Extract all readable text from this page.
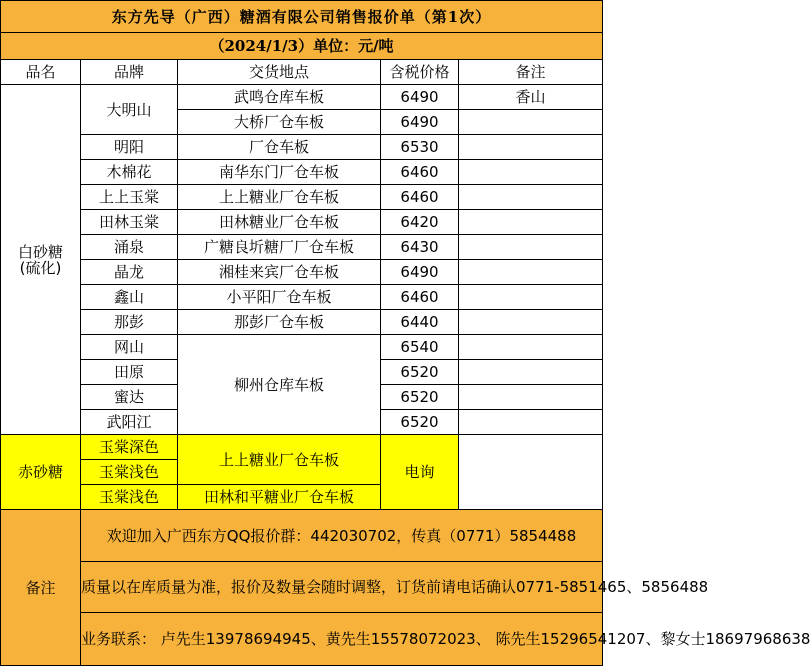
东方先导（广西）糖酒有限公司销售报价单（第1次）				
（2024/1/3）单位：元/吨				
品名	品牌	交货地点	含税价格	备注

白砂糖
(硫化)	大明山	武鸣仓库车板	6490	香山
		大桥厂仓车板	6490	
	明阳	厂仓车板	6530	
	木棉花	南华东门厂仓车板	6460	
	上上玉棠	上上糖业厂仓车板	6460	
	田林玉棠	田林糖业厂仓车板	6420	
	涌泉	广糖良圻糖厂厂仓车板	6430	
	晶龙	湘桂来宾厂仓车板	6490	
	鑫山	小平阳厂仓车板	6460	
	那彭	那彭厂仓车板	6440	
	网山	柳州仓库车板	6540	
	田原		6520	
	蜜达		6520	
	武阳江		6520	
赤砂糖	玉棠深色	上上糖业厂仓车板	电询	
	玉棠浅色			
	玉棠浅色	田林和平糖业厂仓车板		
备注	欢迎加入广西东方QQ报价群：442030702，传真（0771）5854488			
	质量以在库质量为准，报价及数量会随时调整，订货前请电话确认0771-5851465、5856488			
	业务联系： 卢先生13978694945、黄先生15578072023、 陈先生15296541207、黎女士18697968638			
